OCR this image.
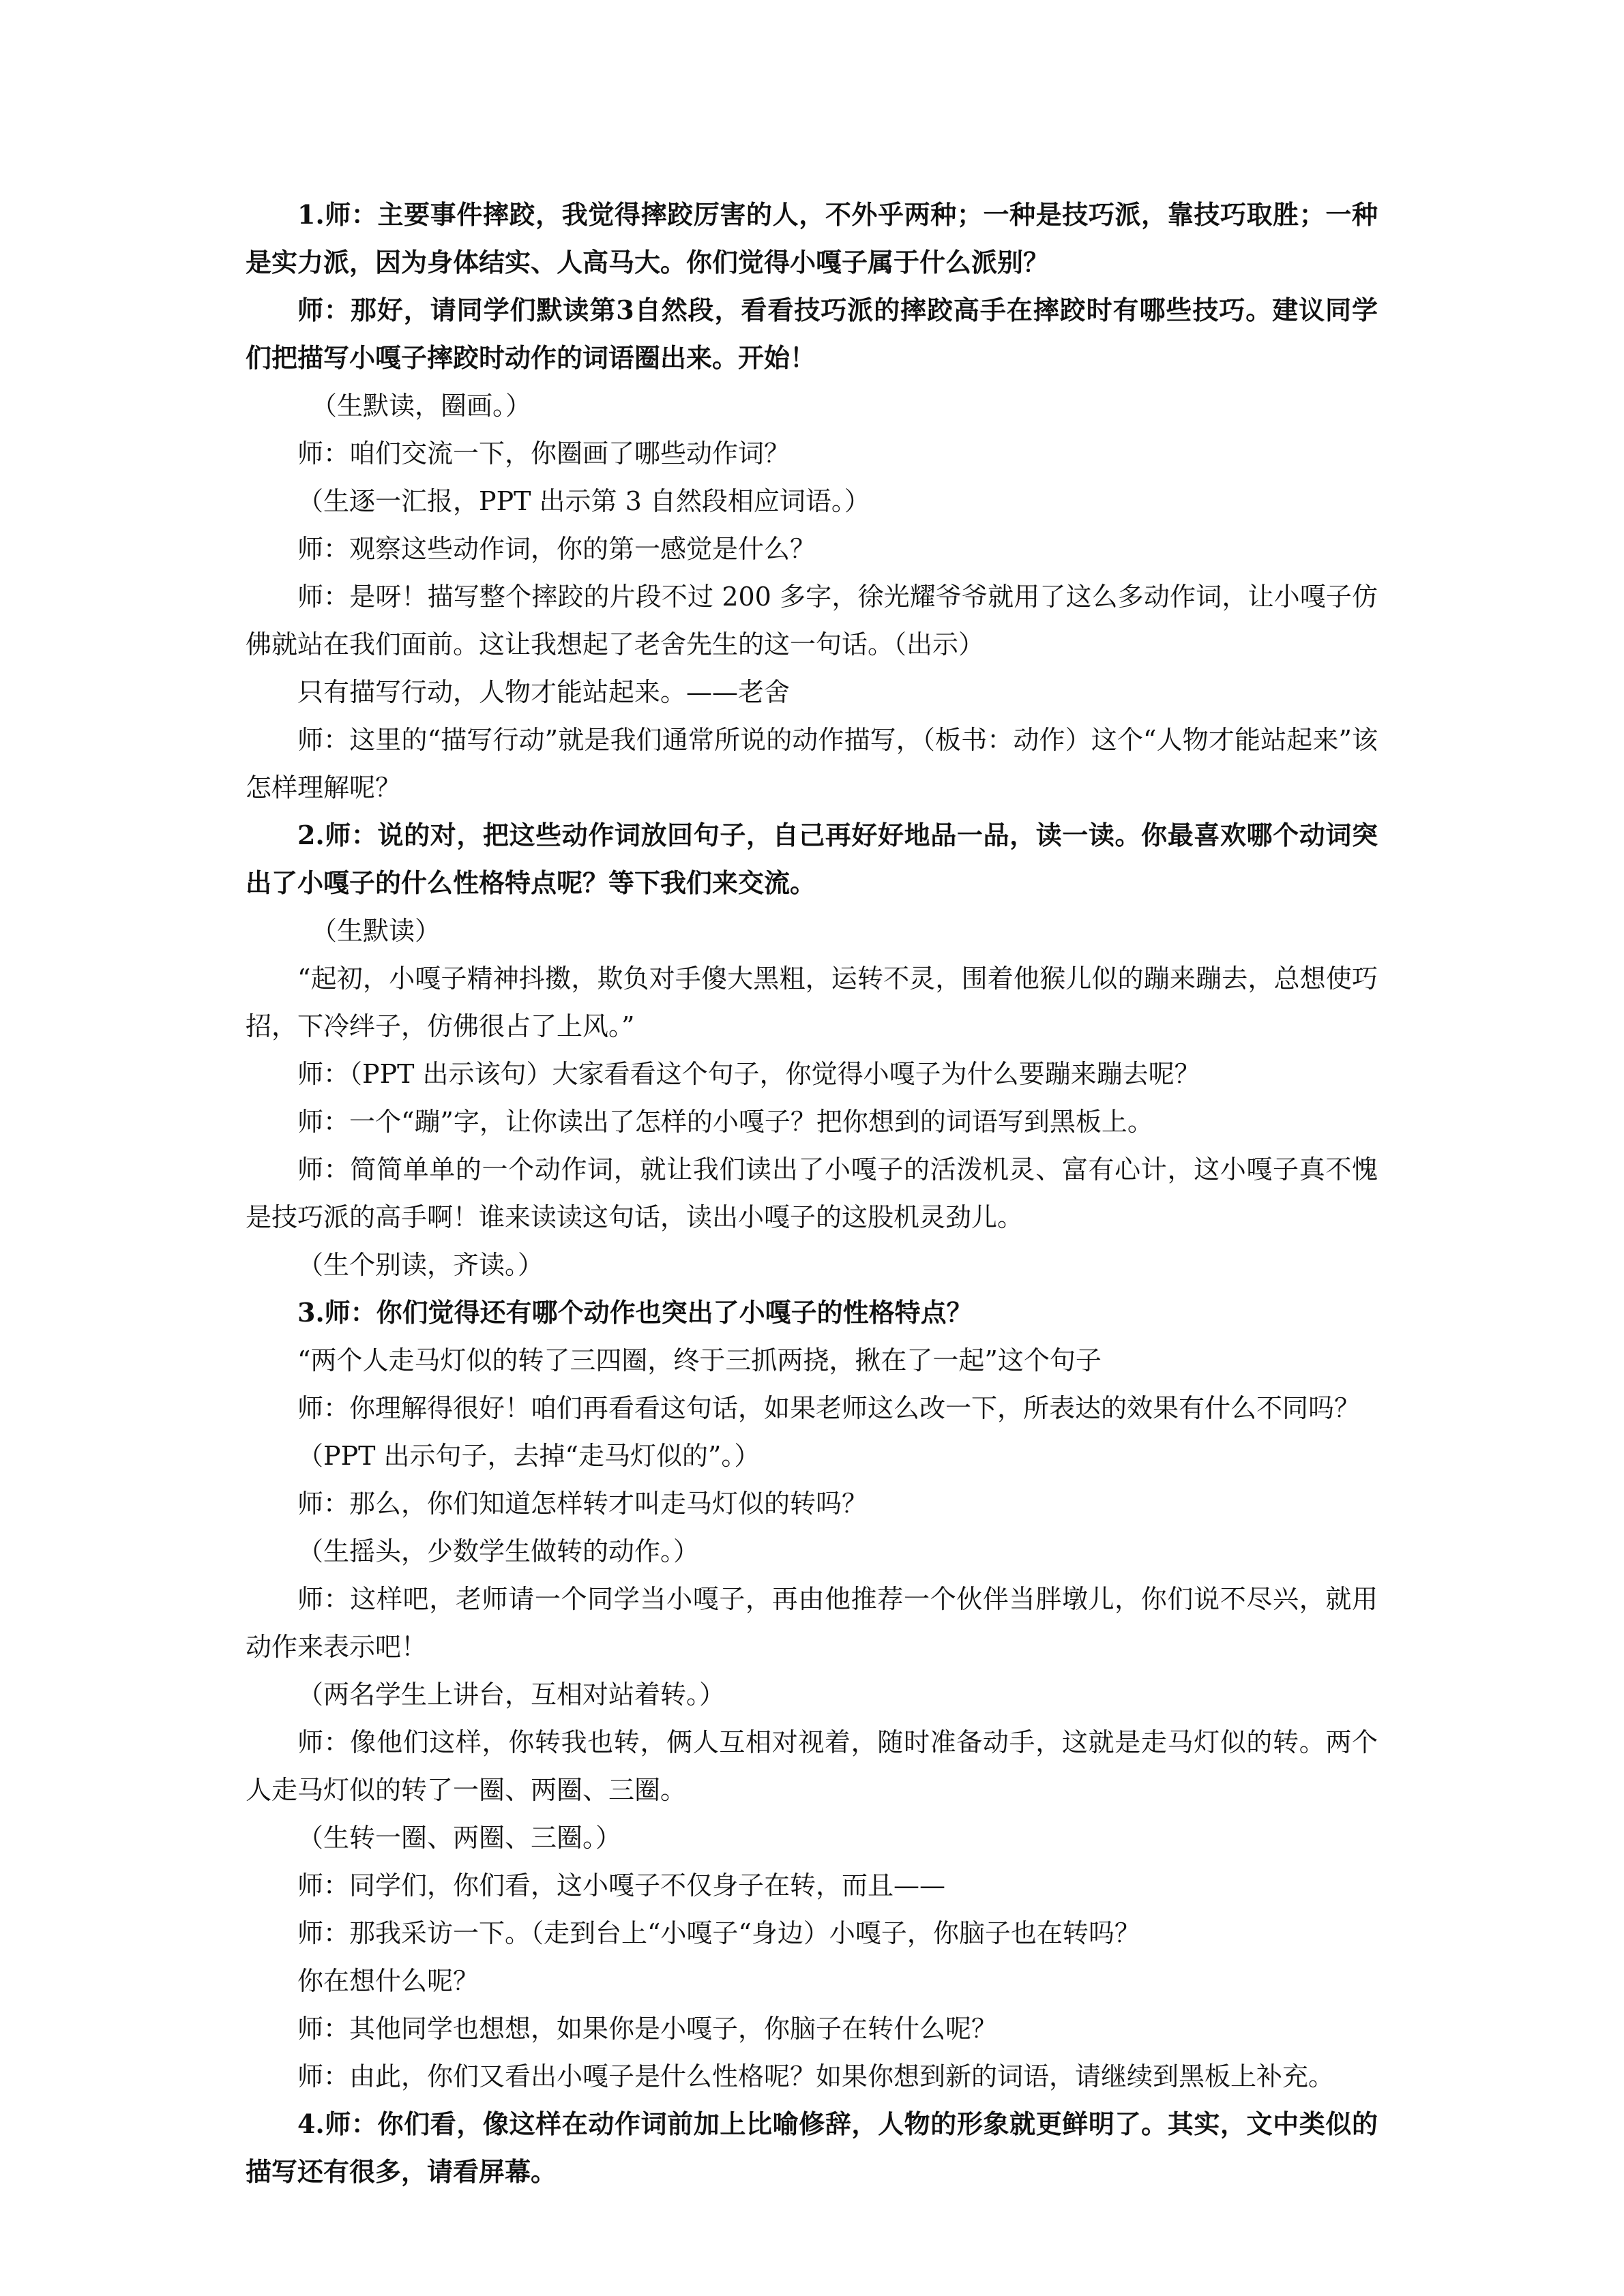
1.师：主要事件摔跤，我觉得摔跤厉害的人，不外乎两种；一种是技巧派，靠技巧取胜；一种是实力派，因为身体结实、人高马大。你们觉得小嘎子属于什么派别？

师：那好，请同学们默读第3自然段，看看技巧派的摔跤高手在摔跤时有哪些技巧。建议同学们把描写小嘎子摔跤时动作的词语圈出来。开始！

（生默读，圈画。）

师：咱们交流一下，你圈画了哪些动作词？

（生逐一汇报，PPT 出示第 3 自然段相应词语。）

师：观察这些动作词，你的第一感觉是什么？

师：是呀！描写整个摔跤的片段不过 200 多字，徐光耀爷爷就用了这么多动作词，让小嘎子仿佛就站在我们面前。这让我想起了老舍先生的这一句话。（出示）

只有描写行动，人物才能站起来。——老舍

师：这里的“描写行动”就是我们通常所说的动作描写，（板书：动作）这个“人物才能站起来”该怎样理解呢？

2.师：说的对，把这些动作词放回句子，自己再好好地品一品，读一读。你最喜欢哪个动词突出了小嘎子的什么性格特点呢？等下我们来交流。

（生默读）

“起初，小嘎子精神抖擞，欺负对手傻大黑粗，运转不灵，围着他猴儿似的蹦来蹦去，总想使巧招，下冷绊子，仿佛很占了上风。”

师：（PPT 出示该句）大家看看这个句子，你觉得小嘎子为什么要蹦来蹦去呢？

师：一个“蹦”字，让你读出了怎样的小嘎子？把你想到的词语写到黑板上。

师：简简单单的一个动作词，就让我们读出了小嘎子的活泼机灵、富有心计，这小嘎子真不愧是技巧派的高手啊！谁来读读这句话，读出小嘎子的这股机灵劲儿。

（生个别读，齐读。）

3.师：你们觉得还有哪个动作也突出了小嘎子的性格特点？

“两个人走马灯似的转了三四圈，终于三抓两挠，揪在了一起”这个句子

师：你理解得很好！咱们再看看这句话，如果老师这么改一下，所表达的效果有什么不同吗？

（PPT 出示句子，去掉“走马灯似的”。）

师：那么，你们知道怎样转才叫走马灯似的转吗？

（生摇头，少数学生做转的动作。）

师：这样吧，老师请一个同学当小嘎子，再由他推荐一个伙伴当胖墩儿，你们说不尽兴，就用动作来表示吧！

（两名学生上讲台，互相对站着转。）

师：像他们这样，你转我也转，俩人互相对视着，随时准备动手，这就是走马灯似的转。两个人走马灯似的转了一圈、两圈、三圈。

（生转一圈、两圈、三圈。）

师：同学们，你们看，这小嘎子不仅身子在转，而且——

师：那我采访一下。（走到台上“小嘎子“身边）小嘎子，你脑子也在转吗？

你在想什么呢？

师：其他同学也想想，如果你是小嘎子，你脑子在转什么呢？

师：由此，你们又看出小嘎子是什么性格呢？如果你想到新的词语，请继续到黑板上补充。

4.师：你们看，像这样在动作词前加上比喻修辞，人物的形象就更鲜明了。其实，文中类似的描写还有很多，请看屏幕。
